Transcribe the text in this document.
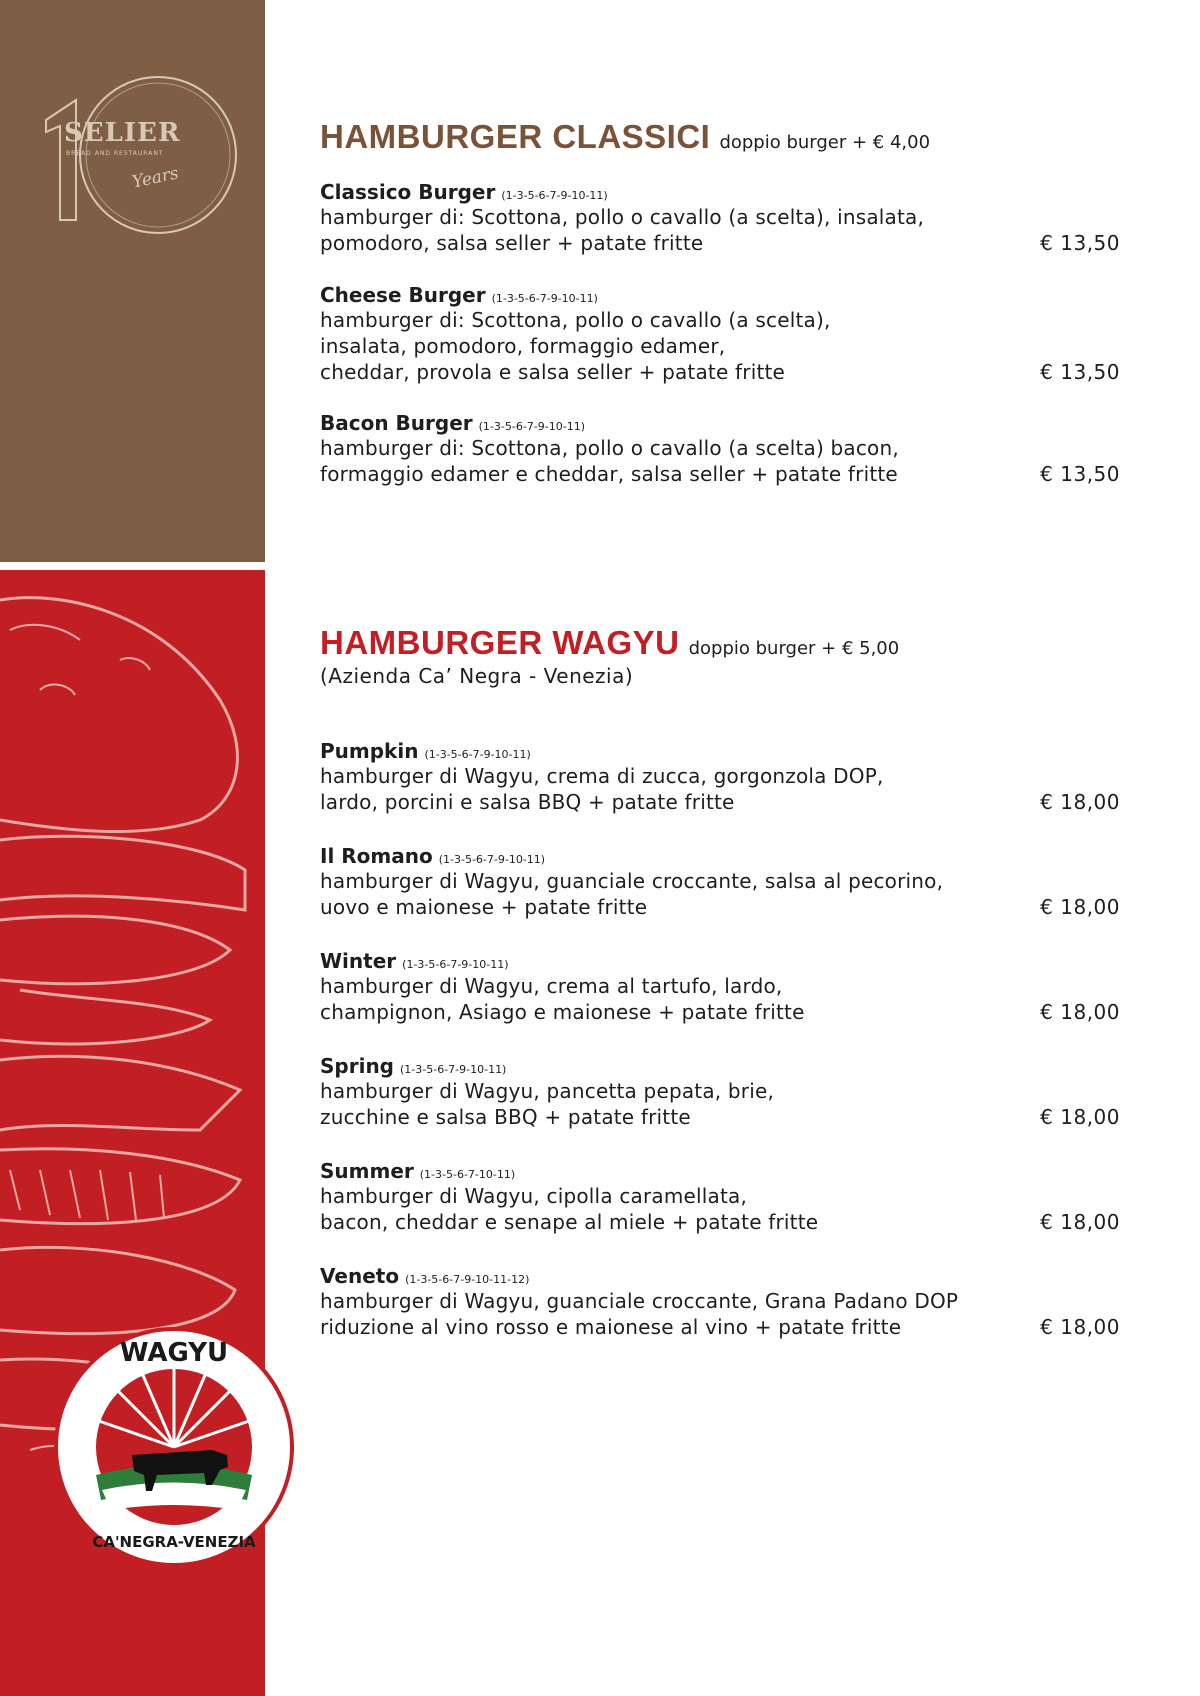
SELIER
BREAD AND RESTAURANT
Years
WAGYU
CA'NEGRA-VENEZIA
HAMBURGER CLASSICI doppio burger + € 4,00
Classico Burger (1-3-5-6-7-9-10-11)
hamburger di: Scottona, pollo o cavallo (a scelta), insalata,
pomodoro, salsa seller + patate fritte	€ 13,50
Cheese Burger (1-3-5-6-7-9-10-11)
hamburger di: Scottona, pollo o cavallo (a scelta),
insalata, pomodoro, formaggio edamer,
cheddar, provola e salsa seller + patate fritte	€ 13,50
Bacon Burger (1-3-5-6-7-9-10-11)
hamburger di: Scottona, pollo o cavallo (a scelta) bacon,
formaggio edamer e cheddar, salsa seller + patate fritte	€ 13,50
HAMBURGER WAGYU doppio burger + € 5,00
(Azienda Ca’ Negra - Venezia)
Pumpkin (1-3-5-6-7-9-10-11)
hamburger di Wagyu, crema di zucca, gorgonzola DOP,
lardo, porcini e salsa BBQ + patate fritte	€ 18,00
Il Romano (1-3-5-6-7-9-10-11)
hamburger di Wagyu, guanciale croccante, salsa al pecorino,
uovo e maionese + patate fritte	€ 18,00
Winter (1-3-5-6-7-9-10-11)
hamburger di Wagyu, crema al tartufo, lardo,
champignon, Asiago e maionese + patate fritte	€ 18,00
Spring (1-3-5-6-7-9-10-11)
hamburger di Wagyu, pancetta pepata, brie,
zucchine e salsa BBQ + patate fritte	€ 18,00
Summer (1-3-5-6-7-10-11)
hamburger di Wagyu, cipolla caramellata,
bacon, cheddar e senape al miele + patate fritte	€ 18,00
Veneto (1-3-5-6-7-9-10-11-12)
hamburger di Wagyu, guanciale croccante, Grana Padano DOP
riduzione al vino rosso e maionese al vino + patate fritte	€ 18,00
